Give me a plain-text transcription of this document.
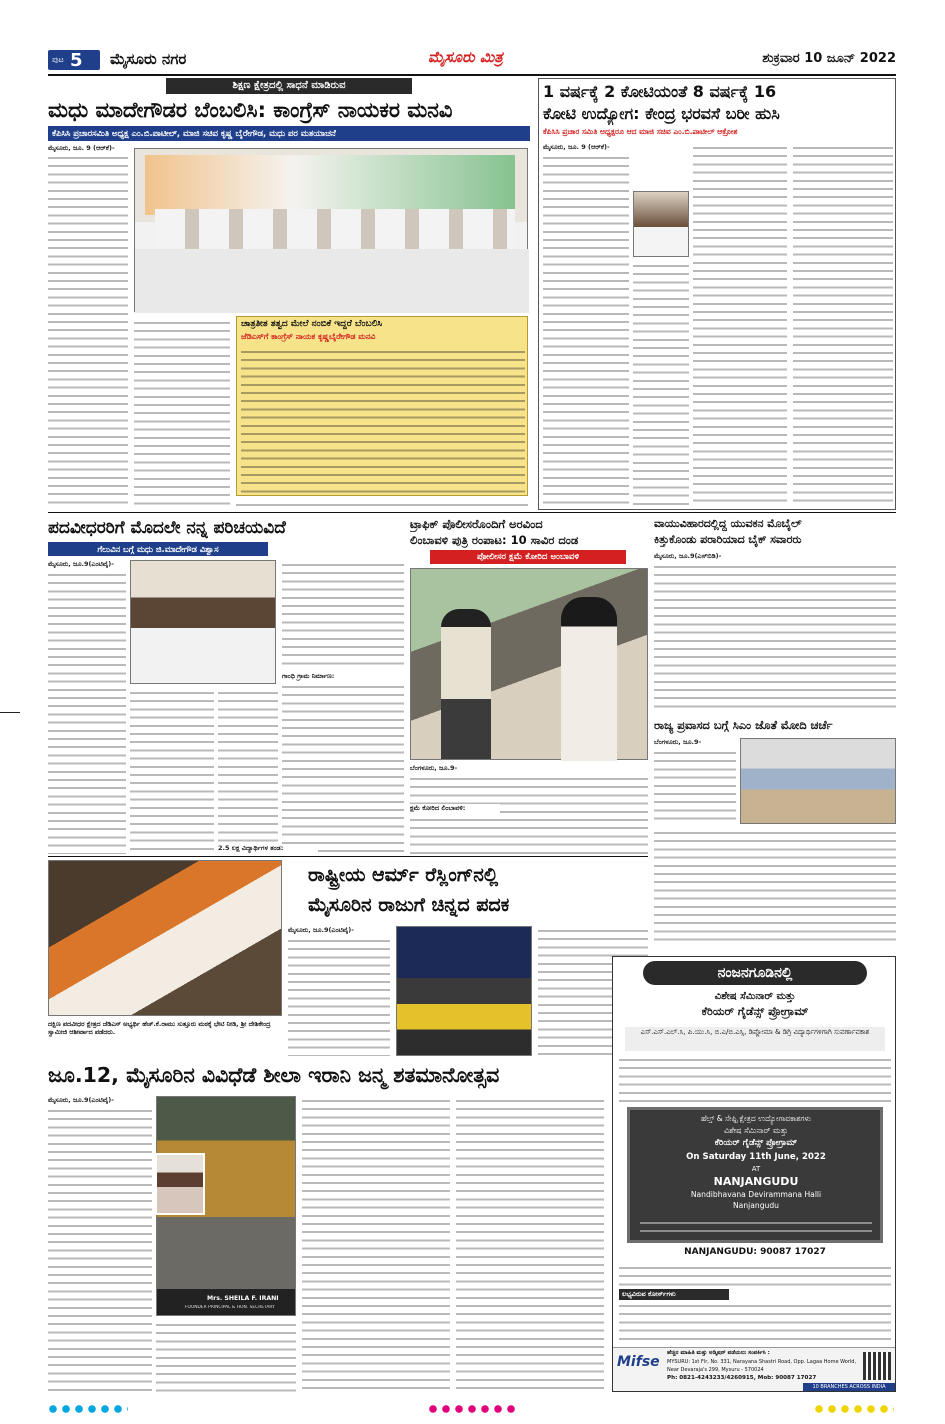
ಪುಟ 5 ಮೈಸೂರು ನಗರ	ಮೈಸೂರು ಮಿತ್ರ	ಶುಕ್ರವಾರ 10 ಜೂನ್ 2022
ಶಿಕ್ಷಣ ಕ್ಷೇತ್ರದಲ್ಲಿ ಸಾಧನೆ ಮಾಡಿರುವ
ಮಧು ಮಾದೇಗೌಡರ ಬೆಂಬಲಿಸಿ: ಕಾಂಗ್ರೆಸ್ ನಾಯಕರ ಮನವಿ
ಕೆಪಿಸಿಸಿ ಪ್ರಚಾರಸಮಿತಿ ಅಧ್ಯಕ್ಷ ಎಂ.ಬಿ.ಪಾಟೀಲ್, ಮಾಜಿ ಸಚಿವ ಕೃಷ್ಣ ಬೈರೇಗೌಡ, ಮಧು ಪರ ಮತಯಾಚನೆ
ಮೈಸೂರು, ಜೂ. 9 (ಆರ್‌ಕೆ)-
ಚಾತ್ರತೀತ ತತ್ವದ ಮೇಲೆ ನಂಬಿಕೆ ಇದ್ದರೆ ಬೆಂಬಲಿಸಿ
ಜೆಡಿಎಸ್‌ಗೆ ಕಾಂಗ್ರೆಸ್ ನಾಯಕ ಕೃಷ್ಣಬೈರೇಗೌಡ ಮನವಿ
1 ವರ್ಷಕ್ಕೆ 2 ಕೋಟಿಯಂತೆ 8 ವರ್ಷಕ್ಕೆ 16
ಕೋಟಿ ಉದ್ಯೋಗ: ಕೇಂದ್ರ ಭರವಸೆ ಬರೀ ಹುಸಿ
ಕೆಪಿಸಿಸಿ ಪ್ರಚಾರ ಸಮಿತಿ ಅಧ್ಯಕ್ಷರೂ ಆದ ಮಾಜಿ ಸಚಿವ ಎಂ.ಬಿ.ಪಾಟೀಲ್ ಆಕ್ರೋಶ
ಮೈಸೂರು, ಜೂ. 9 (ಆರ್‌ಕೆ)-
ಪದವೀಧರರಿಗೆ ಮೊದಲೇ ನನ್ನ ಪರಿಚಯವಿದೆ
ಗೆಲುವಿನ ಬಗ್ಗೆ ಮಧು ಜಿ.ಮಾದೇಗೌಡ ವಿಶ್ವಾಸ
ಮೈಸೂರು, ಜೂ.9(ಎಂಟಿವೈ)-
ಗಾಂಧಿ ಗ್ರಾಮ ನಿರ್ಮಾಣ:
2.5 ಲಕ್ಷ ವಿದ್ಯಾರ್ಥಿಗಳ ತಂಡ:
ಟ್ರಾಫಿಕ್ ಪೊಲೀಸರೊಂದಿಗೆ ಅರವಿಂದ
ಲಿಂಬಾವಳಿ ಪುತ್ರಿ ರಂಪಾಟ: 10 ಸಾವಿರ ದಂಡ
ಪೋಲೀಸರ ಕ್ಷಮೆ ಕೋರಿದ ಅಂಬಾವಳಿ
ಬೆಂಗಳೂರು, ಜೂ.9-
ಕ್ಷಮೆ ಕೋರಿದ ಲಿಂಬಾವಳಿ:
ವಾಯುವಿಹಾರದಲ್ಲಿದ್ದ ಯುವಕನ ಮೊಬೈಲ್
ಕಿತ್ತುಕೊಂಡು ಪರಾರಿಯಾದ ಬೈಕ್ ಸವಾರರು
ಮೈಸೂರು, ಜೂ.9(ಎಸ್‌ಬಿಡಿ)-
ರಾಜ್ಯ ಪ್ರವಾಸದ ಬಗ್ಗೆ ಸಿಎಂ ಜೊತೆ ಮೋದಿ ಚರ್ಚೆ
ಬೆಂಗಳೂರು, ಜೂ.9-
ದಕ್ಷಿಣ ಪದವೀಧರ ಕ್ಷೇತ್ರದ ಜೆಡಿಎಸ್ ಅಭ್ಯರ್ಥಿ ಹೆಚ್.ಕೆ.ರಾಮು ಸುತ್ತೂರು ಮಠಕ್ಕೆ ಭೇಟಿ ನೀಡಿ, ಶ್ರೀ ದೇಶಿಕೇಂದ್ರ ಸ್ವಾಮೀಜಿ ಆಶೀರ್ವಾದ ಪಡೆದರು.
ರಾಷ್ಟ್ರೀಯ ಆರ್ಮ್ ರೆಸ್ಲಿಂಗ್‌ನಲ್ಲಿ
ಮೈಸೂರಿನ ರಾಜುಗೆ ಚಿನ್ನದ ಪದಕ
ಮೈಸೂರು, ಜೂ.9(ಎಂಟಿವೈ)-
ಜೂ.12, ಮೈಸೂರಿನ ವಿವಿಧೆಡೆ ಶೀಲಾ ಇರಾನಿ ಜನ್ಮ ಶತಮಾನೋತ್ಸವ
ಮೈಸೂರು, ಜೂ.9(ಎಂಟಿವೈ)-
Mrs. SHEILA F. IRANI
FOUNDER PRINCIPAL & HON. SECRETARY
ನಂಜನಗೂಡಿನಲ್ಲಿ
ವಿಶೇಷ ಸೆಮಿನಾರ್ ಮತ್ತು
ಕೆರಿಯರ್ ಗೈಡೆನ್ಸ್ ಪ್ರೋಗ್ರಾಮ್
ಎಸ್.ಎಸ್.ಎಲ್.ಸಿ, ಪಿ.ಯು.ಸಿ, ಬಿ.ಎ/ಬಿ.ಎಸ್ಸಿ, ಡಿಪ್ಲೋಮಾ & ಡಿಗ್ರಿ ವಿದ್ಯಾರ್ಥಿಗಳಿಗಾಗಿ ಸುವರ್ಣಾವಕಾಶ
ಹೆಲ್ತ್ & ಸೇಫ್ಟಿ ಕ್ಷೇತ್ರದ ಉದ್ಯೋಗಾವಕಾಶಗಳು
ವಿಶೇಷ ಸೆಮಿನಾರ್ ಮತ್ತು
ಕೆರಿಯರ್ ಗೈಡೆನ್ಸ್ ಪ್ರೋಗ್ರಾಮ್
On Saturday 11th June, 2022
AT
NANJANGUDU
Nandibhavana Devirammana Halli
Nanjangudu
NANJANGUDU: 90087 17027
ಲಭ್ಯವಿರುವ ಕೋರ್ಸ್‌ಗಳು
Mifse
ಹೆಚ್ಚಿನ ಮಾಹಿತಿ ಮತ್ತು ಅಡ್ಮಿಷನ್ ಪಡೆಯಲು ಸಂಪರ್ಕಿಸಿ :
MYSURU: 1st Flr, No. 331, Narayana Shastri Road, Opp. Lagaa Home World, Near Devaraja's 299, Mysuru - 570024
Ph: 0821-4243233/4260915, Mob: 90087 17027
10 BRANCHES ACROSS INDIA
